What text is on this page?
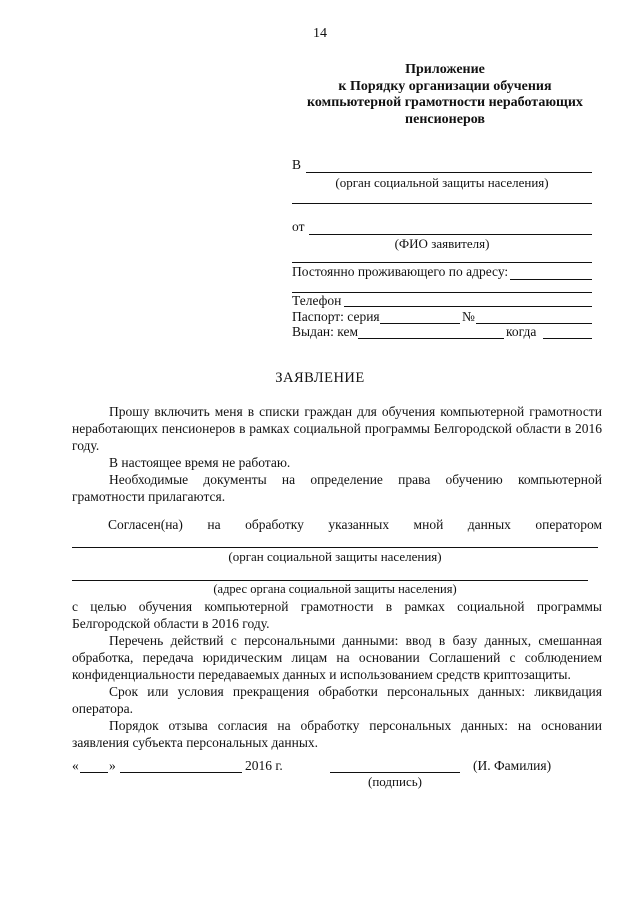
14
Приложение
к Порядку организации обучения
компьютерной грамотности неработающих
пенсионеров
В
(орган социальной защиты населения)
от
(ФИО заявителя)
Постоянно проживающего по адресу:
Телефон
Паспорт: серия	№
Выдан: кем	когда
ЗАЯВЛЕНИЕ
Прошу включить меня в списки граждан для обучения компьютерной грамотности неработающих пенсионеров в рамках социальной программы Белгородской области в 2016 году.
В настоящее время не работаю.
Необходимые документы на определение права обучению компьютерной грамотности прилагаются.
Согласен(на) на обработку указанных мной данных оператором
(орган социальной защиты населения)
(адрес органа социальной защиты населения)
с целью обучения компьютерной грамотности в рамках социальной программы Белгородской области в 2016 году.
Перечень действий с персональными данными: ввод в базу данных, смешанная обработка, передача юридическим лицам на основании Соглашений с соблюдением конфиденциальности передаваемых данных и использованием средств криптозащиты.
Срок или условия прекращения обработки персональных данных: ликвидация оператора.
Порядок отзыва согласия на обработку персональных данных: на основании заявления субъекта персональных данных.
« »	2016 г.	(И. Фамилия)
(подпись)
